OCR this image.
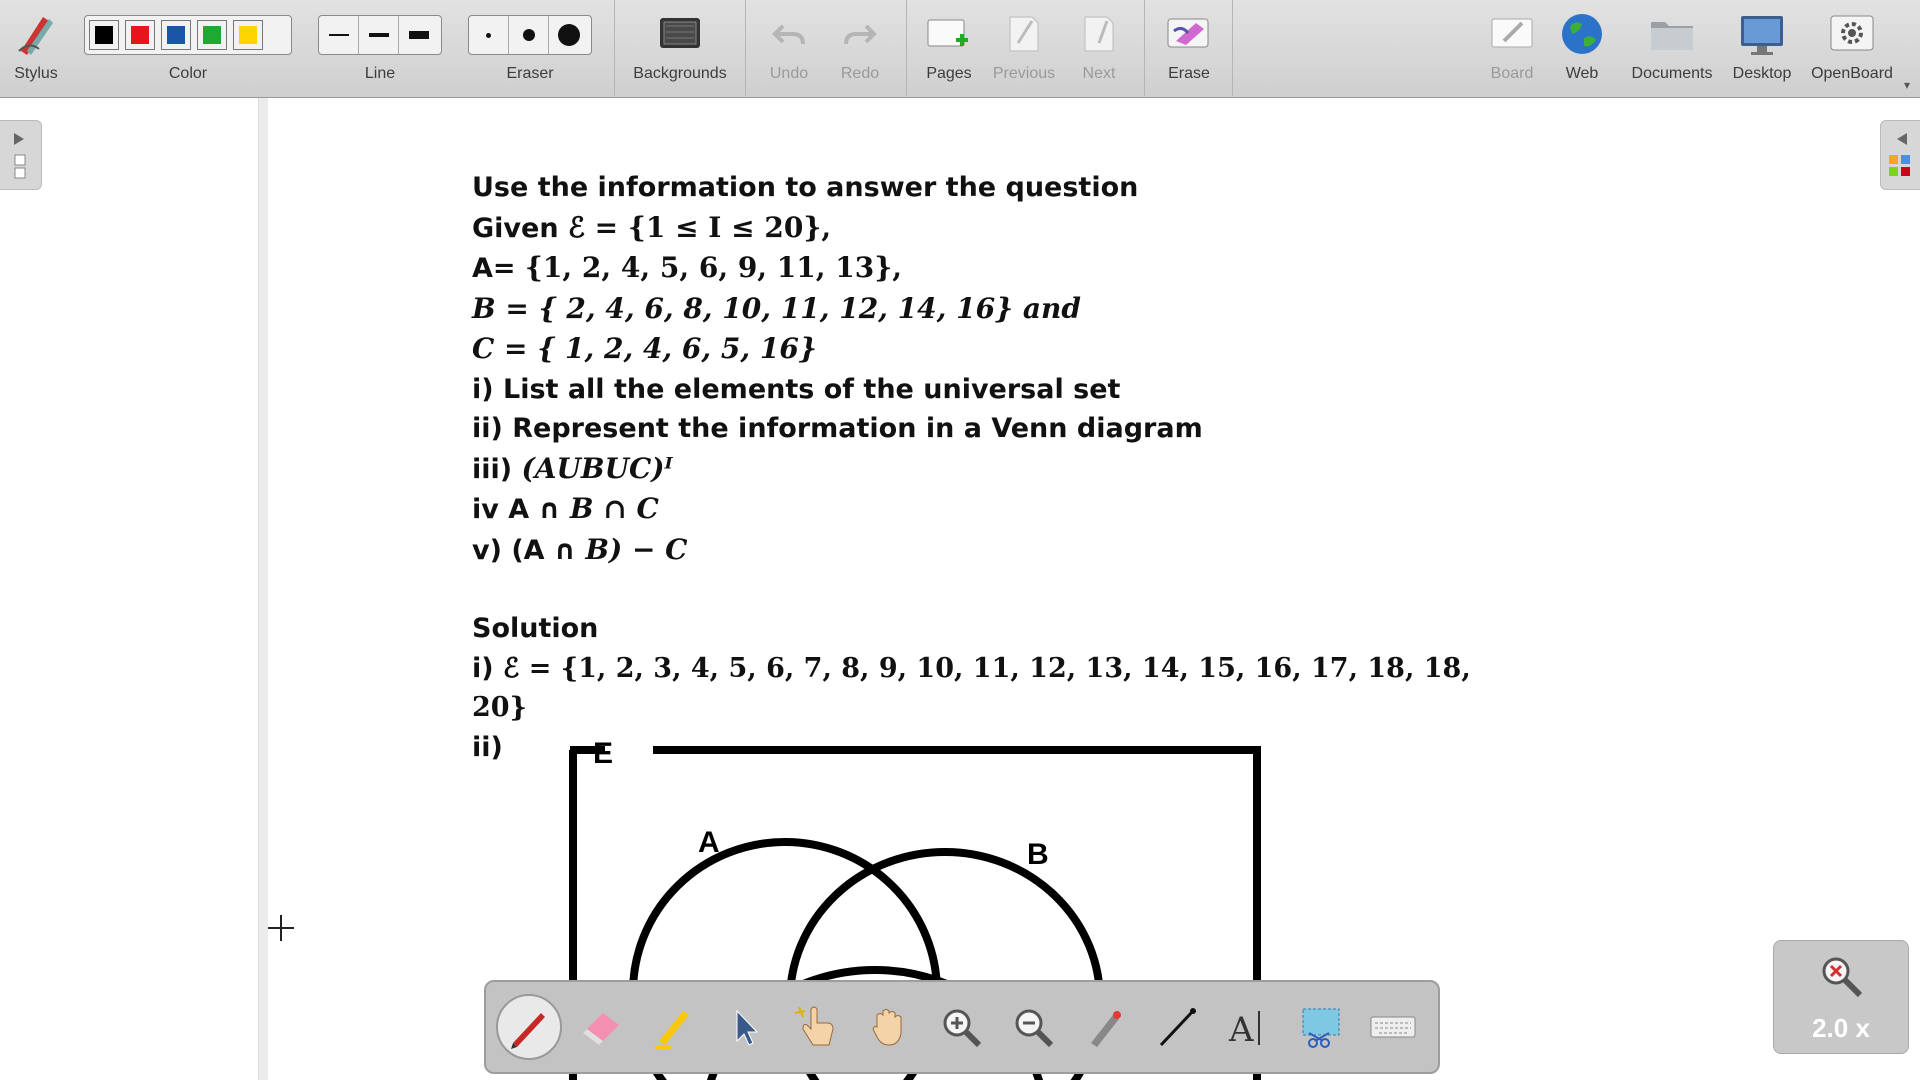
Stylus	Color	Line	Eraser	Backgrounds	Undo	Redo	Pages	Previous	Next	Erase	Board	Web	Documents	Desktop	OpenBoard
▾
Use the information to answer the question
Given ℰ = {1 ≤ I ≤ 20},
A= {1, 2, 4, 5, 6, 9, 11, 13},
B = { 2, 4, 6, 8, 10, 11, 12, 14, 16} and
C = { 1, 2, 4, 6, 5, 16}
i) List all the elements of the universal set
ii) Represent the information in a Venn diagram
iii) (AUBUC)ᴵ
iv A ∩ B ∩ C
v) (A ∩ B) − C
Solution
i) ℰ = {1, 2, 3, 4, 5, 6, 7, 8, 9, 10, 11, 12, 13, 14, 15, 16, 17, 18, 18, 20}
ii)	E
A	B
A	2.0 x
